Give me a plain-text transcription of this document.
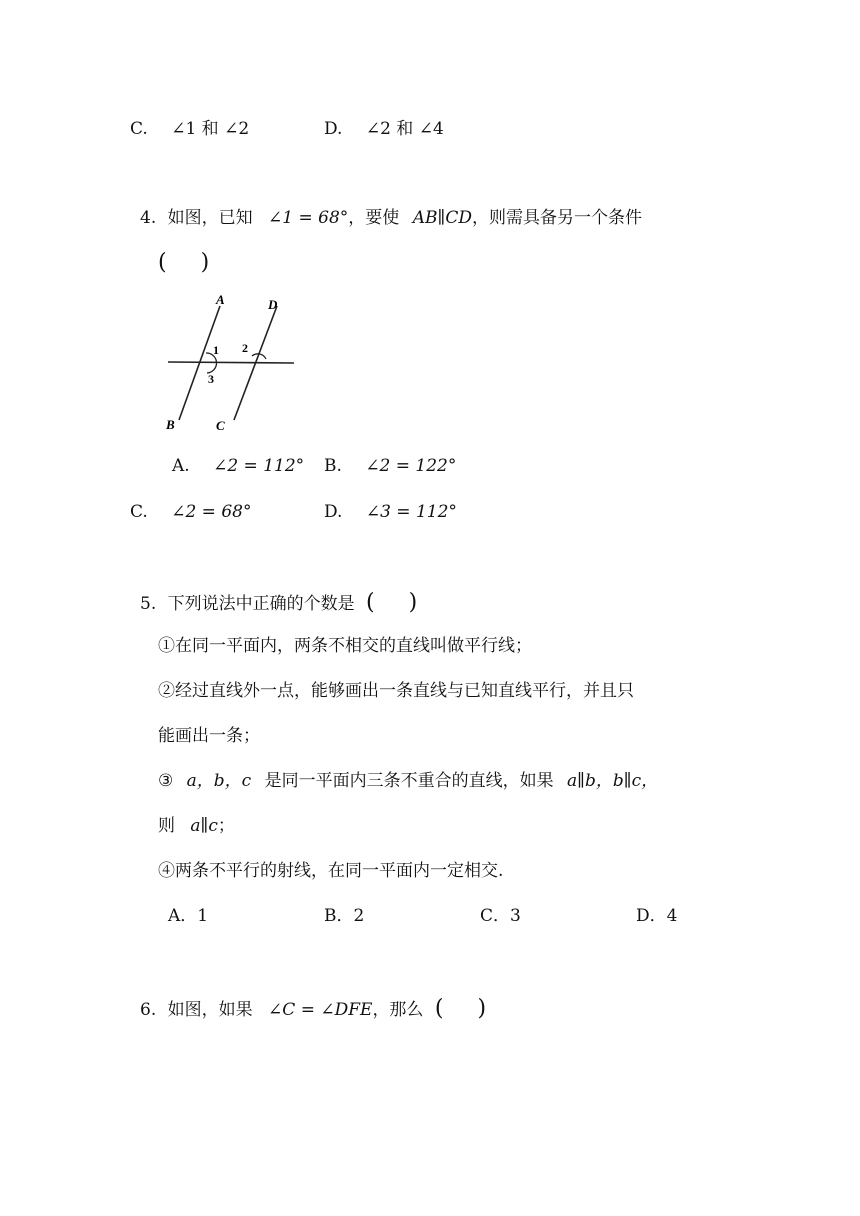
C. ∠1 和 ∠2	D. ∠2 和 ∠4
4. 如图，已知 ∠1 = 68°，要使 AB∥CD，则需具备另一个条件
( )
A	D
B	C
1 2
3
A. ∠2 = 112° B. ∠2 = 122°
C. ∠2 = 68°	D. ∠3 = 112°
5. 下列说法中正确的个数是 ( )
①在同一平面内，两条不相交的直线叫做平行线；
②经过直线外一点，能够画出一条直线与已知直线平行，并且只
能画出一条；
③ a，b，c 是同一平面内三条不重合的直线，如果 a∥b，b∥c，
则 a∥c；
④两条不平行的射线，在同一平面内一定相交.
A．1	B．2	C．3	D．4
6. 如图，如果 ∠C = ∠DFE，那么 ( )
